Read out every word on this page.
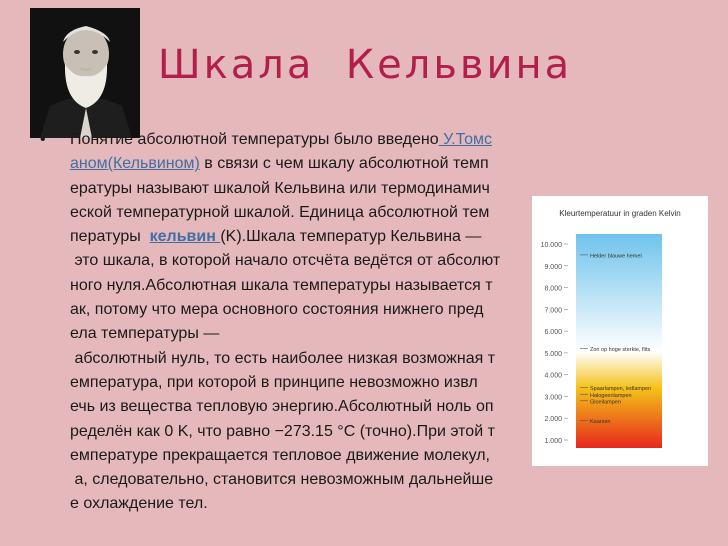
Шкала  Кельвина
•	Понятие абсолютной температуры было введено У.Томс
аном(Кельвином) в связи с чем шкалу абсолютной темп
ературы называют шкалой Кельвина или термодинамич
еской температурной шкалой. Единица абсолютной тем
пературы  кельвин (K).Шкала температур Кельвина —
это шкала, в которой начало отсчёта ведётся от абсолют
ного нуля.Абсолютная шкала температуры называется т
ак, потому что мера основного состояния нижнего пред
ела температуры —
абсолютный нуль, то есть наиболее низкая возможная т
емпература, при которой в принципе невозможно извл
ечь из вещества тепловую энергию.Абсолютный ноль оп
ределён как 0 K, что равно −273.15 °C (точно).При этой т
емпературе прекращается тепловое движение молекул,
а, следовательно, становится невозможным дальнейше
е охлаждение тел.
Kleurtemperatuur in graden Kelvin
10.000
9.000
8.000
7.000
6.000
5.000
4.000
3.000
2.000
1.000
Helder blauwe hemel
Zon op hoge sterkte, flits
Spaarlampen, ledlampen
Halogeenlampen
Gloeilampen
Kaarsen
